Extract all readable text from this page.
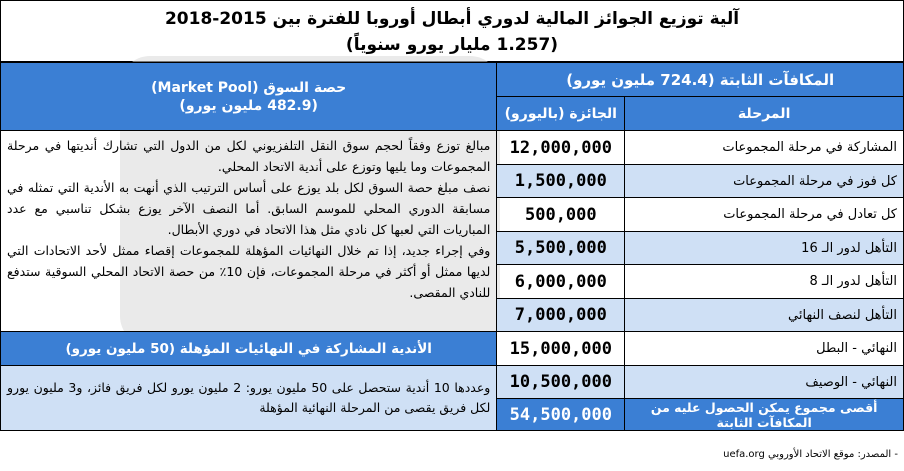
آلية توزيع الجوائز المالية لدوري أبطال أوروبا للفترة بين 2015-2018
(1.257 مليار يورو سنوياً)
حصة السوق (Market Pool)
(482.9 مليون يورو)	المكافآت الثابتة (724.4 مليون يورو)	
	الجائزة (باليورو)	المرحلة

مبالغ توزع وفقاً لحجم سوق النقل التلفزيوني لكل من الدول التي تشارك أنديتها في مرحلة المجموعات وما يليها وتوزع على أندية الاتحاد المحلي.
نصف مبلغ حصة السوق لكل بلد يوزع على أساس الترتيب الذي أنهت به الأندية التي تمثله في مسابقة الدوري المحلي للموسم السابق. أما النصف الآخر يوزع بشكل تناسبي مع عدد المباريات التي لعبها كل نادي مثل هذا الاتحاد في دوري الأبطال.
وفي إجراء جديد، إذا تم خلال النهائيات المؤهلة للمجموعات إقصاء ممثل لأحد الاتحادات التي لديها ممثل أو أكثر في مرحلة المجموعات، فإن 10٪ من حصة الاتحاد المحلي السوقية ستدفع للنادي المقصى.	12,000,000	المشاركة في مرحلة المجموعات
	1,500,000	كل فوز في مرحلة المجموعات
	500,000	كل تعادل في مرحلة المجموعات
	5,500,000	التأهل لدور الـ 16
	6,000,000	التأهل لدور الـ 8
	7,000,000	التأهل لنصف النهائي
الأندية المشاركة في النهائيات المؤهلة (50 مليون يورو)	15,000,000	النهائي - البطل
وعددها 10 أندية ستحصل على 50 مليون يورو: 2 مليون يورو لكل فريق فائز، و3 مليون يورو لكل فريق يقصى من المرحلة النهائية المؤهلة	10,500,000	النهائي - الوصيف
	54,500,000	أقصى مجموع يمكن الحصول عليه من المكافآت الثابتة
- المصدر: موقع الاتحاد الأوروبي uefa.org
